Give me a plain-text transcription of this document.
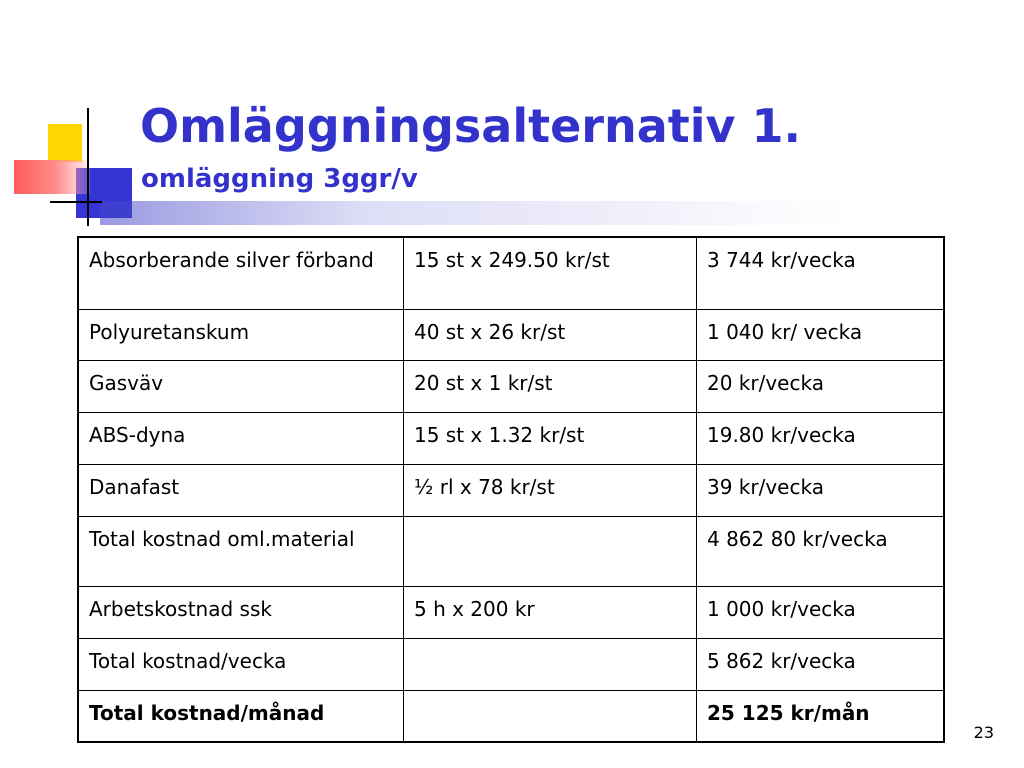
Omläggningsalternativ 1.
omläggning 3ggr/v
Absorberande silver förband	15 st x 249.50 kr/st	3 744 kr/vecka
Polyuretanskum	40 st x 26 kr/st	1 040 kr/ vecka
Gasväv	20 st x 1 kr/st	20 kr/vecka
ABS-dyna	15 st x 1.32 kr/st	19.80 kr/vecka
Danafast	½ rl x 78 kr/st	39 kr/vecka
Total kostnad oml.material		4 862 80 kr/vecka
Arbetskostnad ssk	5 h x 200 kr	1 000 kr/vecka
Total kostnad/vecka		5 862 kr/vecka
Total kostnad/månad		25 125 kr/mån
23
